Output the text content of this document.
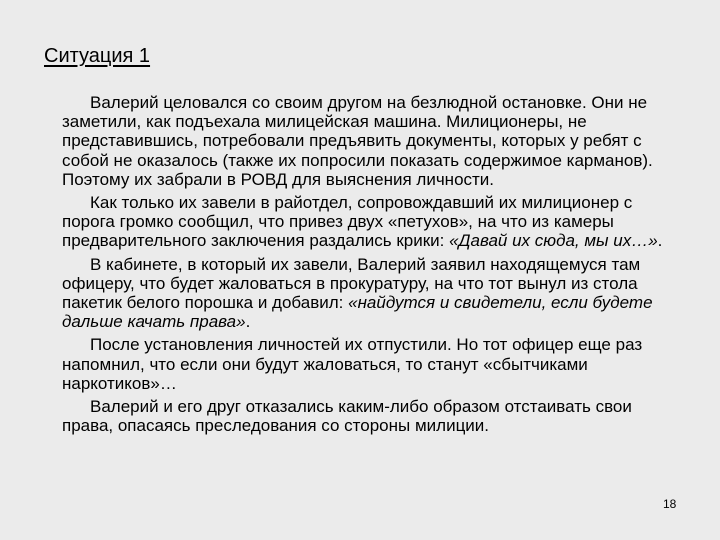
Ситуация 1

Валерий целовался со своим другом на безлюдной остановке. Они не заметили, как подъехала милицейская машина. Милиционеры, не представившись, потребовали предъявить документы, которых у ребят с собой не оказалось (также их попросили показать содержимое карманов). Поэтому их забрали в РОВД для выяснения личности.

Как только их завели в райотдел, сопровождавший их милиционер с порога громко сообщил, что привез двух «петухов», на что из камеры предварительного заключения раздались крики: «Давай их сюда, мы их…».

В кабинете, в который их завели, Валерий заявил находящемуся там офицеру, что будет жаловаться в прокуратуру, на что тот вынул из стола пакетик белого порошка и добавил: «найдутся и свидетели, если будете дальше качать права».

После установления личностей их отпустили. Но тот офицер еще раз напомнил, что если они будут жаловаться, то станут «сбытчиками наркотиков»…

Валерий и его друг отказались каким-либо образом отстаивать свои права, опасаясь преследования со стороны милиции.

18
